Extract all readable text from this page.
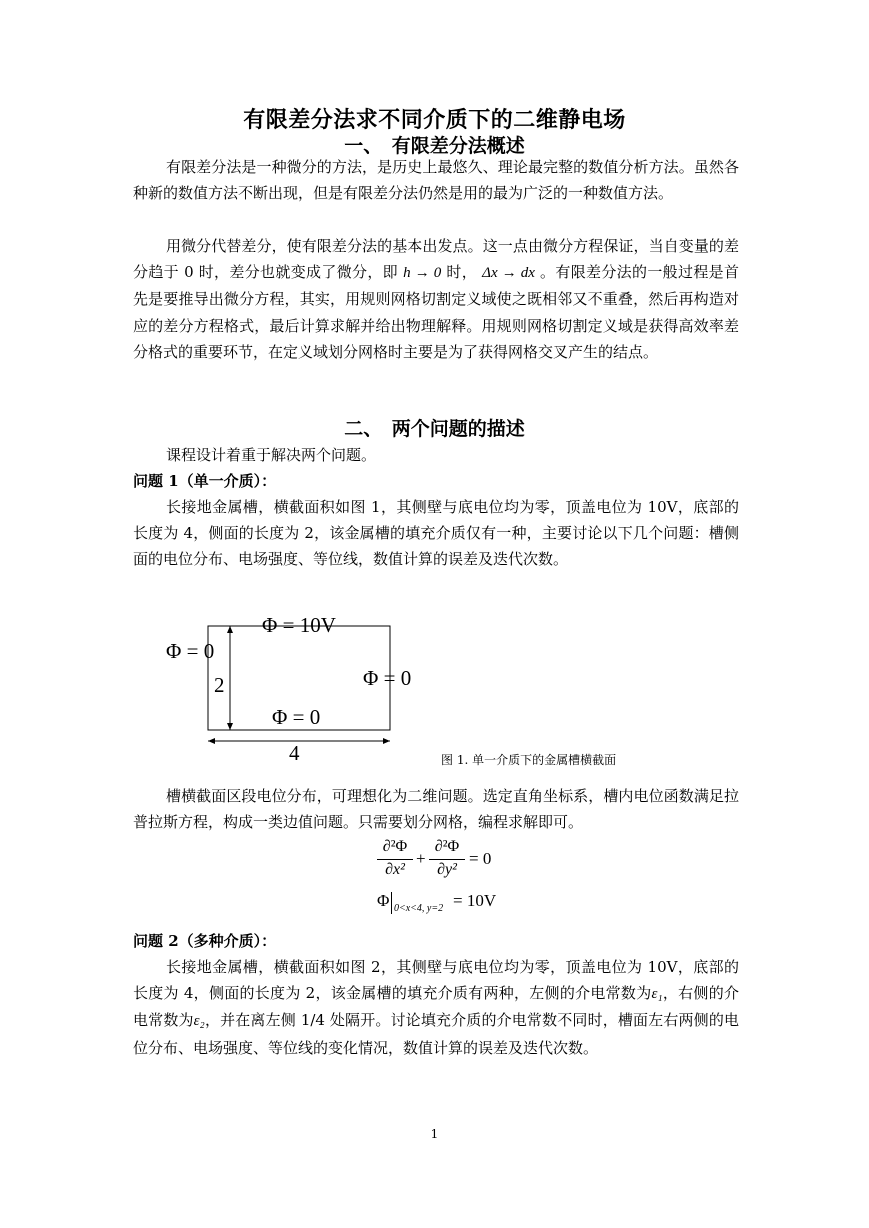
有限差分法求不同介质下的二维静电场
一、　有限差分法概述
有限差分法是一种微分的方法，是历史上最悠久、理论最完整的数值分析方法。虽然各种新的数值方法不断出现，但是有限差分法仍然是用的最为广泛的一种数值方法。
用微分代替差分，使有限差分法的基本出发点。这一点由微分方程保证，当自变量的差分趋于 0 时，差分也就变成了微分，即 h → 0 时， Δx → dx 。有限差分法的一般过程是首先是要推导出微分方程，其实，用规则网格切割定义域使之既相邻又不重叠，然后再构造对应的差分方程格式，最后计算求解并给出物理解释。用规则网格切割定义域是获得高效率差分格式的重要环节，在定义域划分网格时主要是为了获得网格交叉产生的结点。
二、　两个问题的描述
课程设计着重于解决两个问题。
问题 1（单一介质）：
长接地金属槽，横截面积如图 1，其侧壁与底电位均为零，顶盖电位为 10V，底部的长度为 4，侧面的长度为 2，该金属槽的填充介质仅有一种，主要讨论以下几个问题：槽侧面的电位分布、电场强度、等位线，数值计算的误差及迭代次数。
Φ = 10V
Φ = 0
Φ = 0
Φ = 0
2
4	图 1. 单一介质下的金属槽横截面
槽横截面区段电位分布，可理想化为二维问题。选定直角坐标系，槽内电位函数满足拉普拉斯方程，构成一类边值问题。只需要划分网格，编程求解即可。
∂²Φ
∂x²
+
∂²Φ
∂y²
= 0
Φ 0<x<4, y=2 = 10V
问题 2（多种介质）：
长接地金属槽，横截面积如图 2，其侧壁与底电位均为零，顶盖电位为 10V，底部的长度为 4，侧面的长度为 2，该金属槽的填充介质有两种，左侧的介电常数为ε₁，右侧的介电常数为ε₂，并在离左侧 1/4 处隔开。讨论填充介质的介电常数不同时，槽面左右两侧的电位分布、电场强度、等位线的变化情况，数值计算的误差及迭代次数。
1
